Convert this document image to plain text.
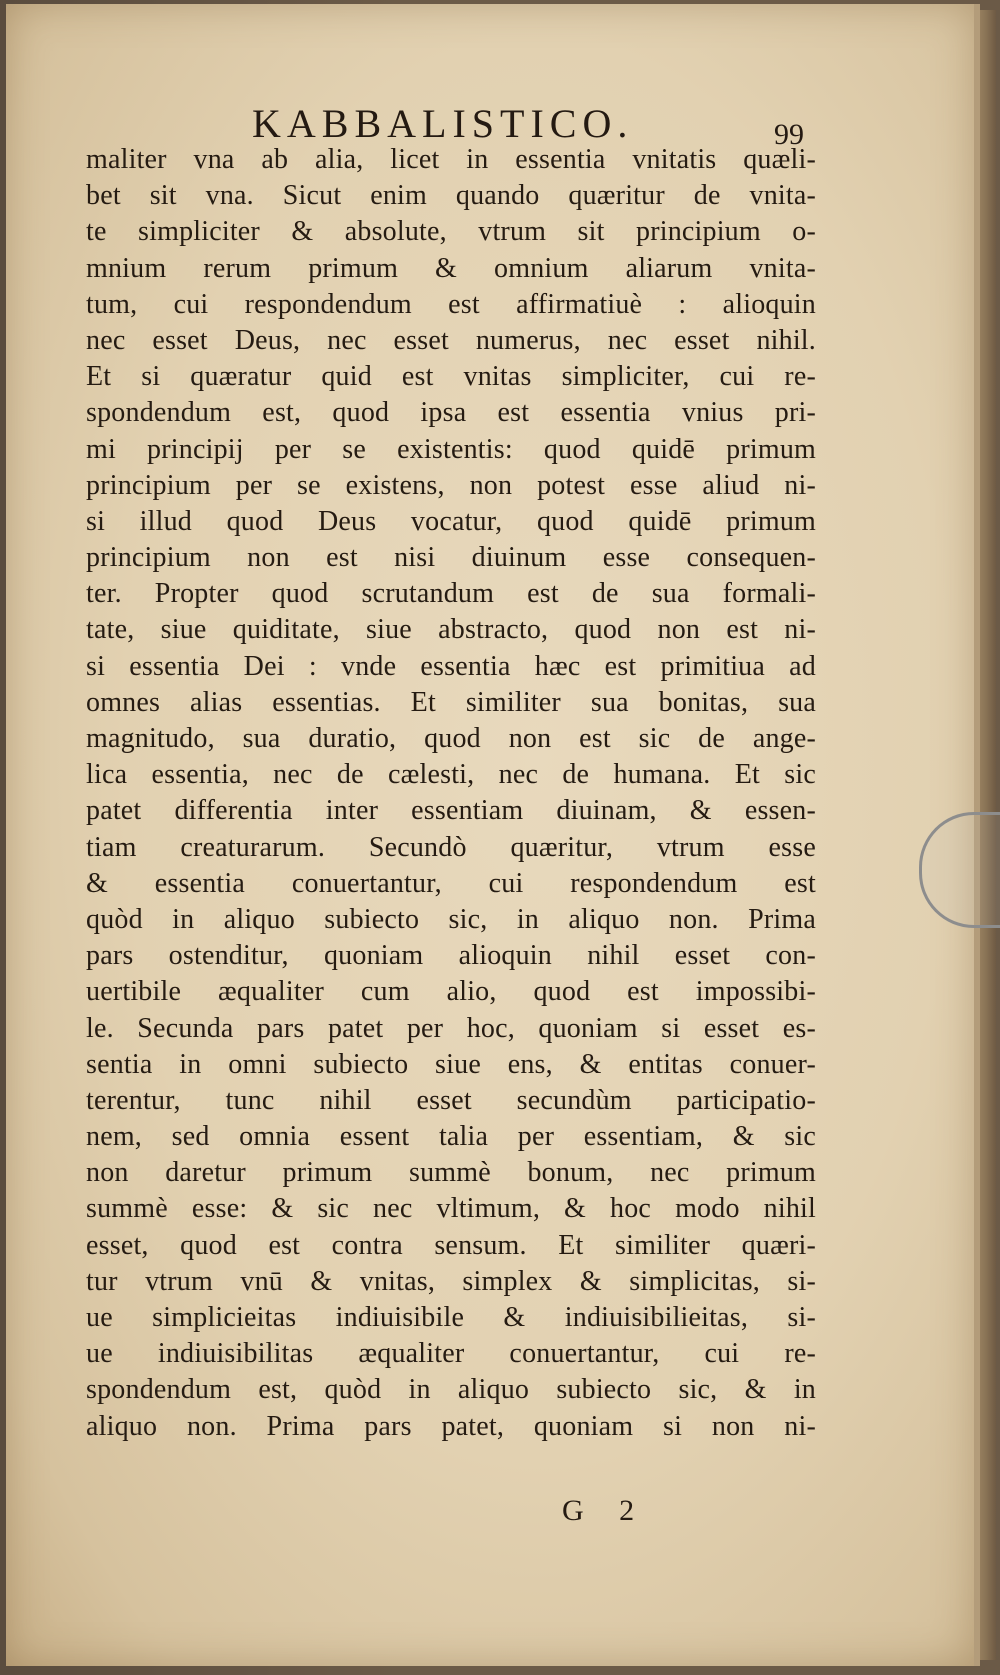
KABBALISTICO.	99
maliter vna ab alia, licet in essentia vnitatis quæli-
bet sit vna. Sicut enim quando quæritur de vnita-
te simpliciter & absolute, vtrum sit principium o-
mnium rerum primum & omnium aliarum vnita-
tum, cui respondendum est affirmatiuè : alioquin
nec esset Deus, nec esset numerus, nec esset nihil.
Et si quæratur quid est vnitas simpliciter, cui re-
spondendum est, quod ipsa est essentia vnius pri-
mi principij per se existentis: quod quidē primum
principium per se existens, non potest esse aliud ni-
si illud quod Deus vocatur, quod quidē primum
principium non est nisi diuinum esse consequen-
ter. Propter quod scrutandum est de sua formali-
tate, siue quiditate, siue abstracto, quod non est ni-
si essentia Dei : vnde essentia hæc est primitiua ad
omnes alias essentias. Et similiter sua bonitas, sua
magnitudo, sua duratio, quod non est sic de ange-
lica essentia, nec de cælesti, nec de humana. Et sic
patet differentia inter essentiam diuinam, & essen-
tiam creaturarum. Secundò quæritur, vtrum esse
& essentia conuertantur, cui respondendum est
quòd in aliquo subiecto sic, in aliquo non. Prima
pars ostenditur, quoniam alioquin nihil esset con-
uertibile æqualiter cum alio, quod est impossibi-
le. Secunda pars patet per hoc, quoniam si esset es-
sentia in omni subiecto siue ens, & entitas conuer-
terentur, tunc nihil esset secundùm participatio-
nem, sed omnia essent talia per essentiam, & sic
non daretur primum summè bonum, nec primum
summè esse: & sic nec vltimum, & hoc modo nihil
esset, quod est contra sensum. Et similiter quæri-
tur vtrum vnū & vnitas, simplex & simplicitas, si-
ue simplicieitas indiuisibile & indiuisibilieitas, si-
ue indiuisibilitas æqualiter conuertantur, cui re-
spondendum est, quòd in aliquo subiecto sic, & in
aliquo non. Prima pars patet, quoniam si non ni-
G 2
